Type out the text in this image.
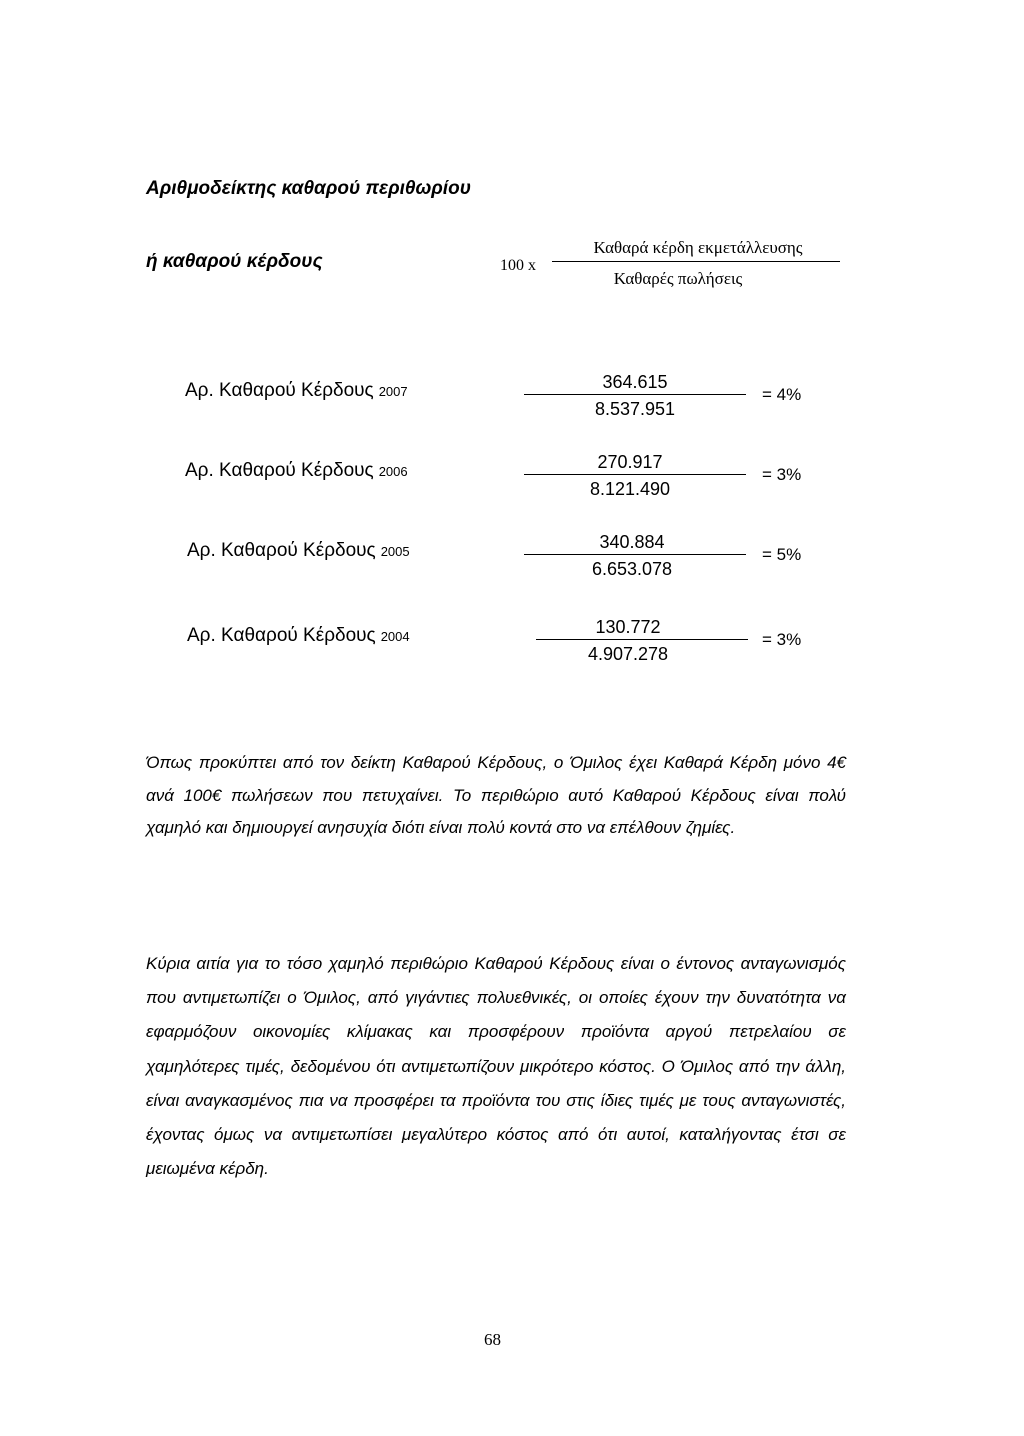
Αριθμοδείκτης καθαρού περιθωρίου
ή καθαρού κέρδους	100 x
Καθαρά κέρδη εκμετάλλευσης
Καθαρές πωλήσεις
Αρ. Καθαρού Κέρδους 2007	364.615
8.537.951
= 4%
Αρ. Καθαρού Κέρδους 2006	270.917
8.121.490
= 3%
Αρ. Καθαρού Κέρδους 2005	340.884
6.653.078
= 5%
Αρ. Καθαρού Κέρδους 2004	130.772
4.907.278
= 3%

Όπως προκύπτει από τον δείκτη Καθαρού Κέρδους, ο Όμιλος έχει Καθαρά Κέρδη μόνο 4€ ανά 100€ πωλήσεων που πετυχαίνει. Το περιθώριο αυτό Καθαρού Κέρδους είναι πολύ χαμηλό και δημιουργεί ανησυχία διότι είναι πολύ κοντά στο να επέλθουν ζημίες.

Κύρια αιτία για το τόσο χαμηλό περιθώριο Καθαρού Κέρδους είναι ο έντονος ανταγωνισμός που αντιμετωπίζει ο Όμιλος, από γιγάντιες πολυεθνικές, οι οποίες έχουν την δυνατότητα να εφαρμόζουν οικονομίες κλίμακας και προσφέρουν προϊόντα αργού πετρελαίου σε χαμηλότερες τιμές, δεδομένου ότι αντιμετωπίζουν μικρότερο κόστος. Ο Όμιλος από την άλλη, είναι αναγκασμένος πια να προσφέρει τα προϊόντα του στις ίδιες τιμές με τους ανταγωνιστές, έχοντας όμως να αντιμετωπίσει μεγαλύτερο κόστος από ότι αυτοί, καταλήγοντας έτσι σε μειωμένα κέρδη.

68
